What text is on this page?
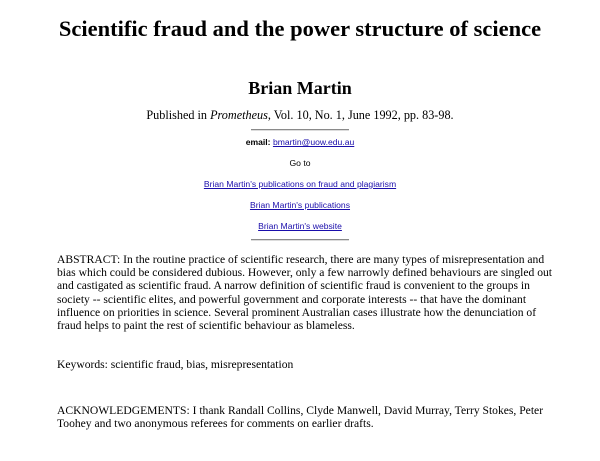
Scientific fraud and the power structure of science
Brian Martin

Published in Prometheus, Vol. 10, No. 1, June 1992, pp. 83-98.

email: bmartin@uow.edu.au

Go to

Brian Martin's publications on fraud and plagiarism

Brian Martin's publications

Brian Martin's website

ABSTRACT: In the routine practice of scientific research, there are many types of misrepresentation and bias which could be considered dubious. However, only a few narrowly defined behaviours are singled out and castigated as scientific fraud. A narrow definition of scientific fraud is convenient to the groups in society -- scientific elites, and powerful government and corporate interests -- that have the dominant influence on priorities in science. Several prominent Australian cases illustrate how the denunciation of fraud helps to paint the rest of scientific behaviour as blameless.

Keywords: scientific fraud, bias, misrepresentation

ACKNOWLEDGEMENTS: I thank Randall Collins, Clyde Manwell, David Murray, Terry Stokes, Peter Toohey and two anonymous referees for comments on earlier drafts.
